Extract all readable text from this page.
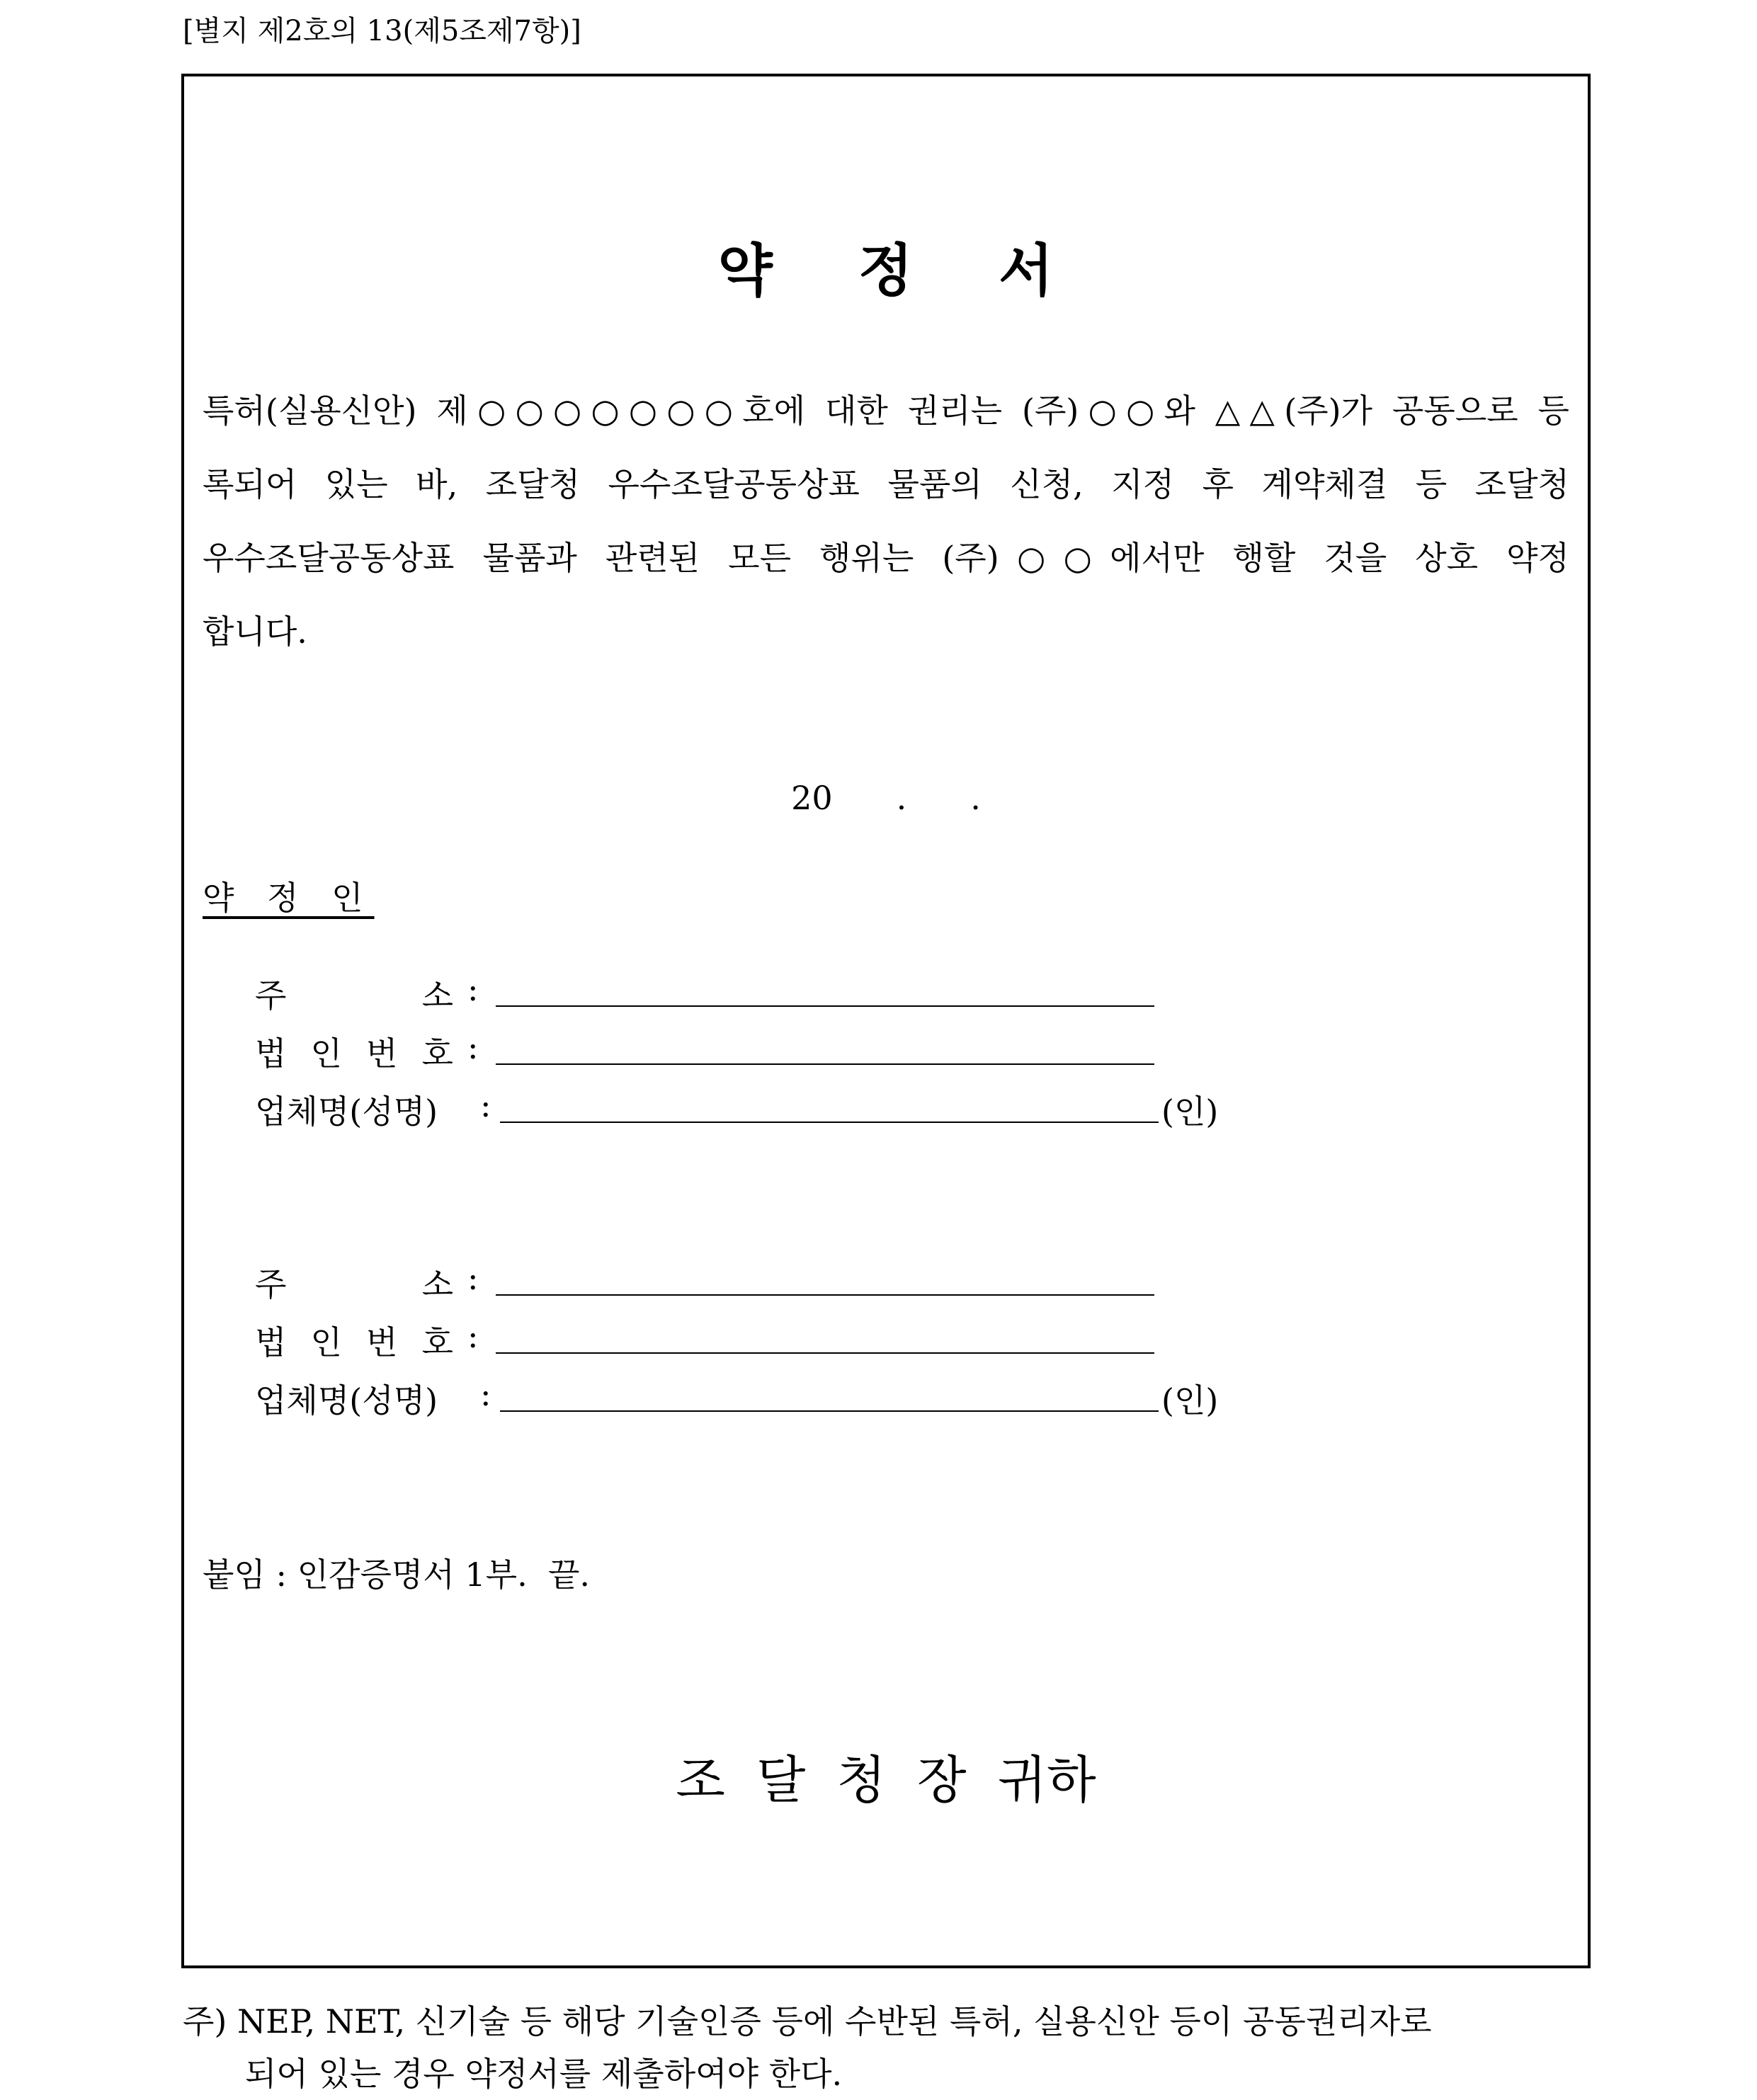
[별지 제2호의 13(제5조제7항)]
약 정 서
특허(실용신안) 제○○○○○○○호에 대한 권리는 (주)○○와 △△(주)가 공동으로 등
록되어 있는 바, 조달청 우수조달공동상표 물품의 신청, 지정 후 계약체결 등 조달청
우수조달공동상표 물품과 관련된 모든 행위는 (주)○○에서만 행할 것을 상호 약정
합니다.
20 . .
약 정 인
주	소 :
법 인 번 호 :
업체명(성명) :	(인)
주	소 :
법 인 번 호 :
업체명(성명) :	(인)
붙임 : 인감증명서 1부.  끝.
조 달 청 장 귀하
주) NEP, NET, 신기술 등 해당 기술인증 등에 수반된 특허, 실용신안 등이 공동권리자로
되어 있는 경우 약정서를 제출하여야 한다.
